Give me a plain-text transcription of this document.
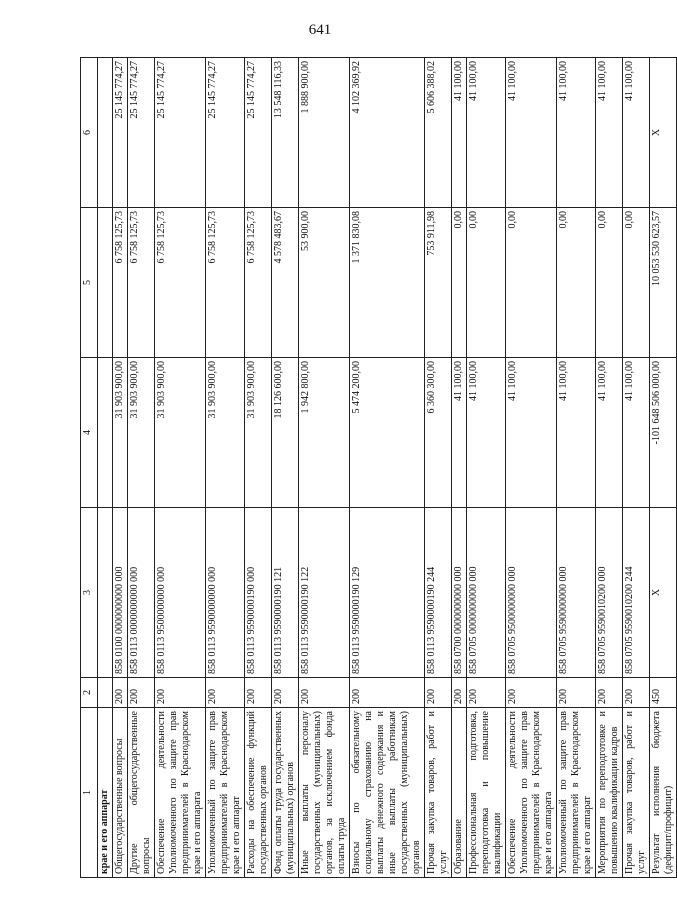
641
1	2	3	4	5	6
крае и его аппарат					
Общегосударственные вопросы	200	858 0100 0000000000 000	31 903 900,00	6 758 125,73	25 145 774,27
Другие общегосударственные вопросы	200	858 0113 0000000000 000	31 903 900,00	6 758 125,73	25 145 774,27
Обеспечение деятельности Уполномоченного по защите прав предпринимателей в Краснодарском крае и его аппарата	200	858 0113 9500000000 000	31 903 900,00	6 758 125,73	25 145 774,27
Уполномоченный по защите прав предпринимателей в Краснодарском крае и его аппарат	200	858 0113 9590000000 000	31 903 900,00	6 758 125,73	25 145 774,27
Расходы на обеспечение функций государственных органов	200	858 0113 9590000190 000	31 903 900,00	6 758 125,73	25 145 774,27
Фонд оплаты труда государственных (муниципальных) органов	200	858 0113 9590000190 121	18 126 600,00	4 578 483,67	13 548 116,33
Иные выплаты персоналу государственных (муниципальных) органов, за исключением фонда оплаты труда	200	858 0113 9590000190 122	1 942 800,00	53 900,00	1 888 900,00
Взносы по обязательному социальному страхованию на выплаты денежного содержания и иные выплаты работникам государственных (муниципальных) органов	200	858 0113 9590000190 129	5 474 200,00	1 371 830,08	4 102 369,92
Прочая закупка товаров, работ и услуг	200	858 0113 9590000190 244	6 360 300,00	753 911,98	5 606 388,02
Образование	200	858 0700 0000000000 000	41 100,00	0,00	41 100,00
Профессиональная подготовка, переподготовка и повышение квалификации	200	858 0705 0000000000 000	41 100,00	0,00	41 100,00
Обеспечение деятельности Уполномоченного по защите прав предпринимателей в Краснодарском крае и его аппарата	200	858 0705 9500000000 000	41 100,00	0,00	41 100,00
Уполномоченный по защите прав предпринимателей в Краснодарском крае и его аппарат	200	858 0705 9590000000 000	41 100,00	0,00	41 100,00
Мероприятия по переподготовке и повышению квалификации кадров	200	858 0705 9590010200 000	41 100,00	0,00	41 100,00
Прочая закупка товаров, работ и услуг	200	858 0705 9590010200 244	41 100,00	0,00	41 100,00
Результат исполнения бюджета (дефицит/профицит)	450	X	-101 648 506 000,00	10 053 530 623,57	X
